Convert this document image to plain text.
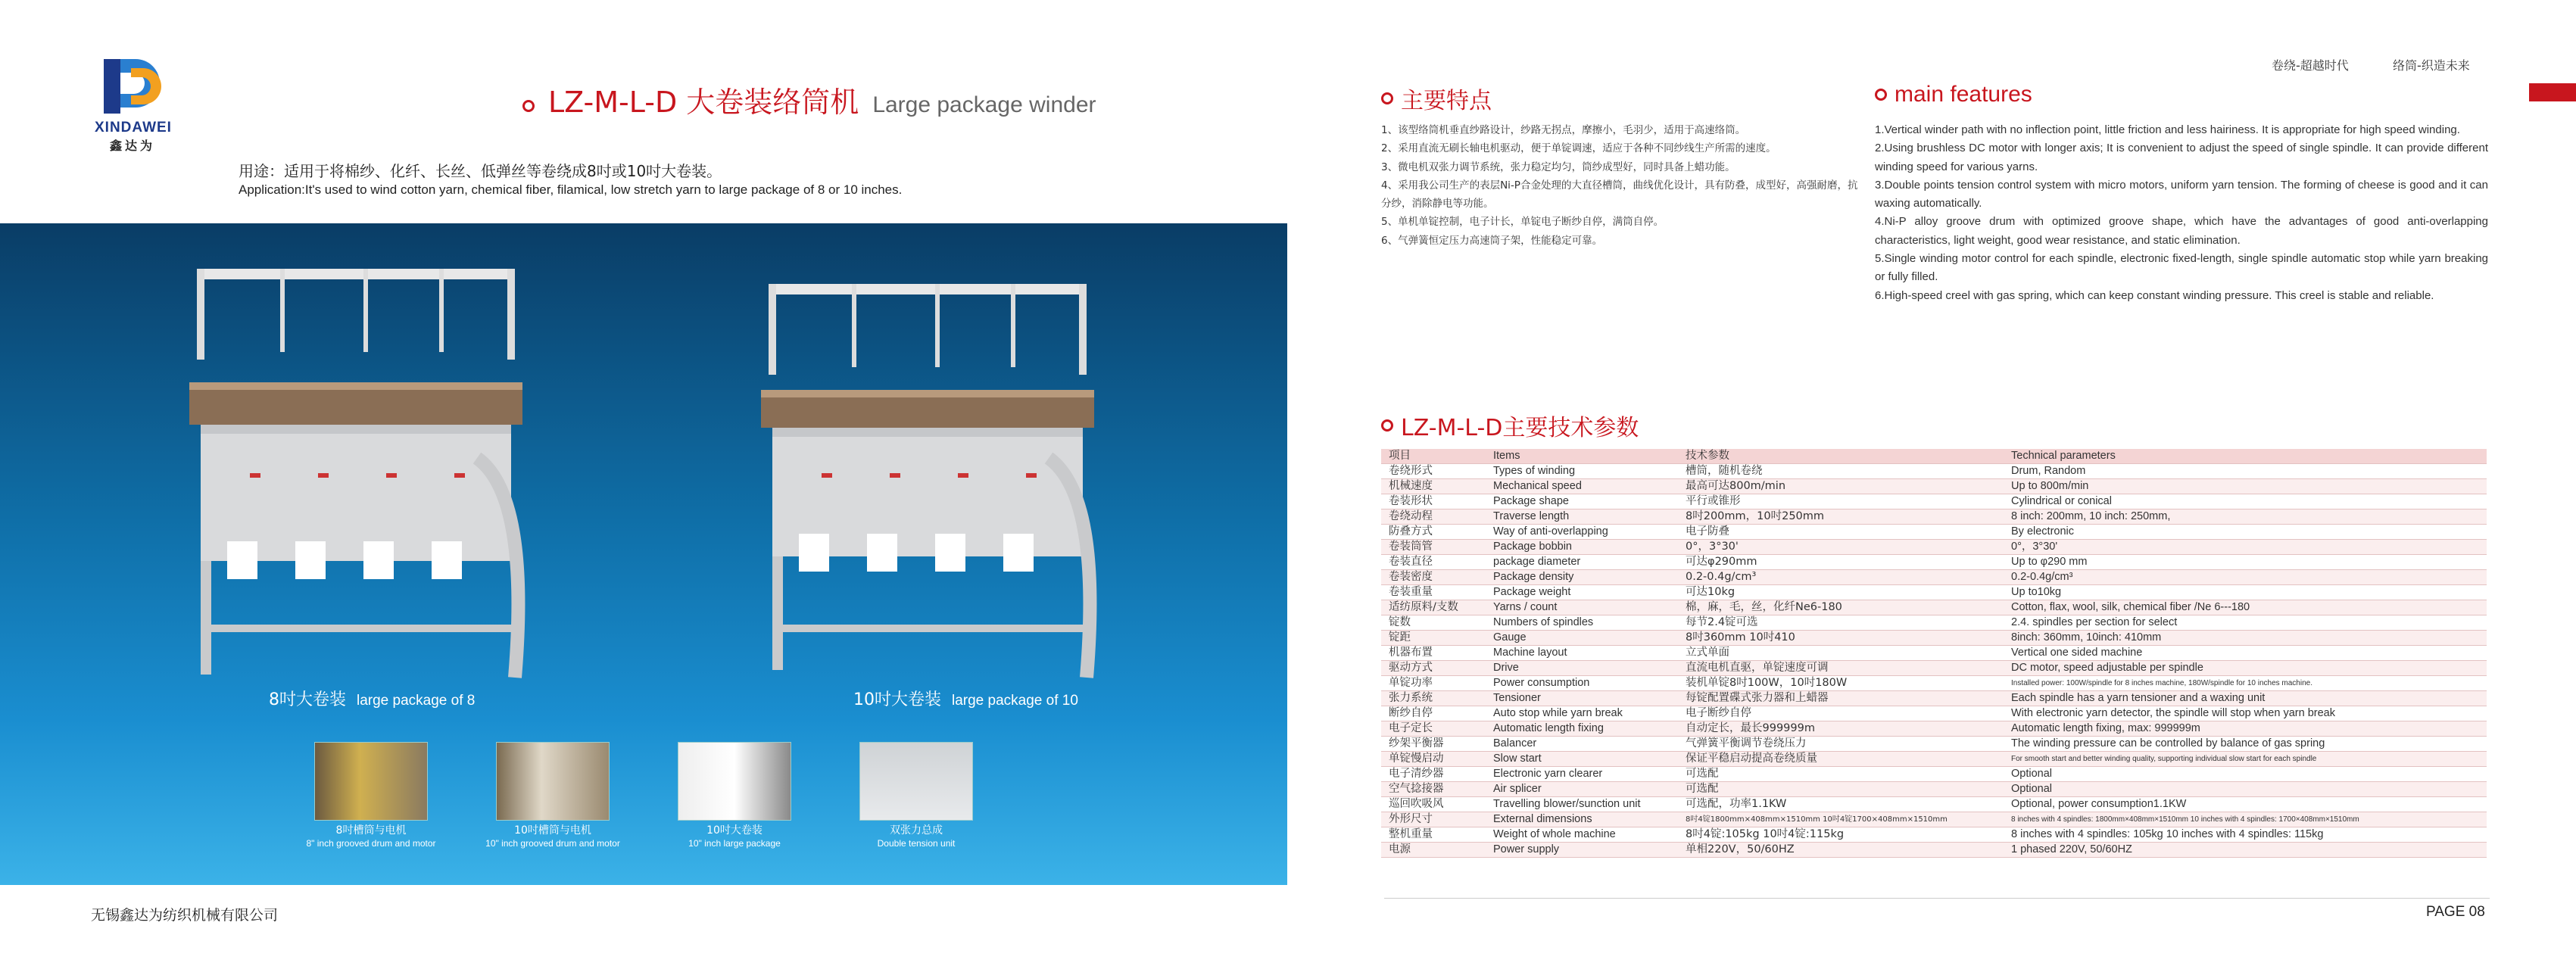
XINDAWEI
鑫达为
LZ-M-L-D 大卷装络筒机 Large package winder
用途：适用于将棉纱、化纤、长丝、低弹丝等卷绕成8吋或10吋大卷装。
Application:It's used to wind cotton yarn, chemical fiber, filamical, low stretch yarn to large package of 8 or 10 inches.
8吋大卷装 large package of 8	10吋大卷装 large package of 10
8吋槽筒与电机
8" inch grooved drum and motor
10吋槽筒与电机
10" inch grooved drum and motor
10吋大卷装
10" inch large package
双张力总成
Double tension unit
无锡鑫达为纺织机械有限公司
卷绕-超越时代	络筒-织造未来
主要特点	main features
1、该型络筒机垂直纱路设计，纱路无拐点，摩擦小，毛羽少，适用于高速络筒。
2、采用直流无刷长轴电机驱动，便于单锭调速，适应于各种不同纱线生产所需的速度。
3、微电机双张力调节系统，张力稳定均匀，筒纱成型好，同时具备上蜡功能。
4、采用我公司生产的表层Ni-P合金处理的大直径槽筒，曲线优化设计，具有防叠，成型好，高强耐磨，抗分纱，消除静电等功能。
5、单机单锭控制，电子计长，单锭电子断纱自停，满筒自停。
6、气弹簧恒定压力高速筒子架，性能稳定可靠。
1.Vertical winder path with no inflection point, little friction and less hairiness. It is appropriate for high speed winding.
2.Using brushless DC motor with longer axis; It is convenient to adjust the speed of single spindle. It can provide different winding speed for various yarns.
3.Double points tension control system with micro motors, uniform yarn tension. The forming of cheese is good and it can waxing automatically.
4.Ni-P alloy groove drum with optimized groove shape, which have the advantages of good anti-overlapping characteristics, light weight, good wear resistance, and static elimination.
5.Single winding motor control for each spindle, electronic fixed-length, single spindle automatic stop while yarn breaking or fully filled.
6.High-speed creel with gas spring, which can keep constant winding pressure. This creel is stable and reliable.
LZ-M-L-D主要技术参数
项目	Items	技术参数	Technical parameters
卷绕形式	Types of winding	槽筒，随机卷绕	Drum, Random
机械速度	Mechanical speed	最高可达800m/min	Up to 800m/min
卷装形状	Package shape	平行或锥形	Cylindrical or conical
卷绕动程	Traverse length	8吋200mm，10吋250mm	8 inch: 200mm, 10 inch: 250mm,
防叠方式	Way of anti-overlapping	电子防叠	By electronic
卷装筒管	Package bobbin	0°，3°30'	0°，3°30'
卷装直径	package diameter	可达φ290mm	Up to φ290 mm
卷装密度	Package density	0.2-0.4g/cm³	0.2-0.4g/cm³
卷装重量	Package weight	可达10kg	Up to10kg
适纺原料/支数	Yarns / count	棉，麻，毛，丝，化纤Ne6-180	Cotton, flax, wool, silk, chemical fiber /Ne 6---180
锭数	Numbers of spindles	每节2.4锭可选	2.4. spindles per section for select
锭距	Gauge	8吋360mm 10吋410	8inch: 360mm, 10inch: 410mm
机器布置	Machine layout	立式单面	Vertical one sided machine
驱动方式	Drive	直流电机直驱，单锭速度可调	DC motor, speed adjustable per spindle
单锭功率	Power consumption	装机单锭8吋100W，10吋180W	Installed power: 100W/spindle for 8 inches machine, 180W/spindle for 10 inches machine.
张力系统	Tensioner	每锭配置碟式张力器和上蜡器	Each spindle has a yarn tensioner and a waxing unit
断纱自停	Auto stop while yarn break	电子断纱自停	With electronic yarn detector, the spindle will stop when yarn break
电子定长	Automatic length fixing	自动定长，最长999999m	Automatic length fixing, max: 999999m
纱架平衡器	Balancer	气弹簧平衡调节卷绕压力	The winding pressure can be controlled by balance of gas spring
单锭慢启动	Slow start	保证平稳启动提高卷绕质量	For smooth start and better winding quality, supporting individual slow start for each spindle
电子清纱器	Electronic yarn clearer	可选配	Optional
空气捻接器	Air splicer	可选配	Optional
巡回吹吸风	Travelling blower/sunction unit	可选配，功率1.1KW	Optional, power consumption1.1KW
外形尺寸	External dimensions	8吋4锭1800mm×408mm×1510mm 10吋4锭1700×408mm×1510mm	8 inches with 4 spindles: 1800mm×408mm×1510mm 10 inches with 4 spindles: 1700×408mm×1510mm
整机重量	Weight of whole machine	8吋4锭:105kg 10吋4锭:115kg	8 inches with 4 spindles: 105kg 10 inches with 4 spindles: 115kg
电源	Power supply	单相220V，50/60HZ	1 phased 220V, 50/60HZ
PAGE 08
